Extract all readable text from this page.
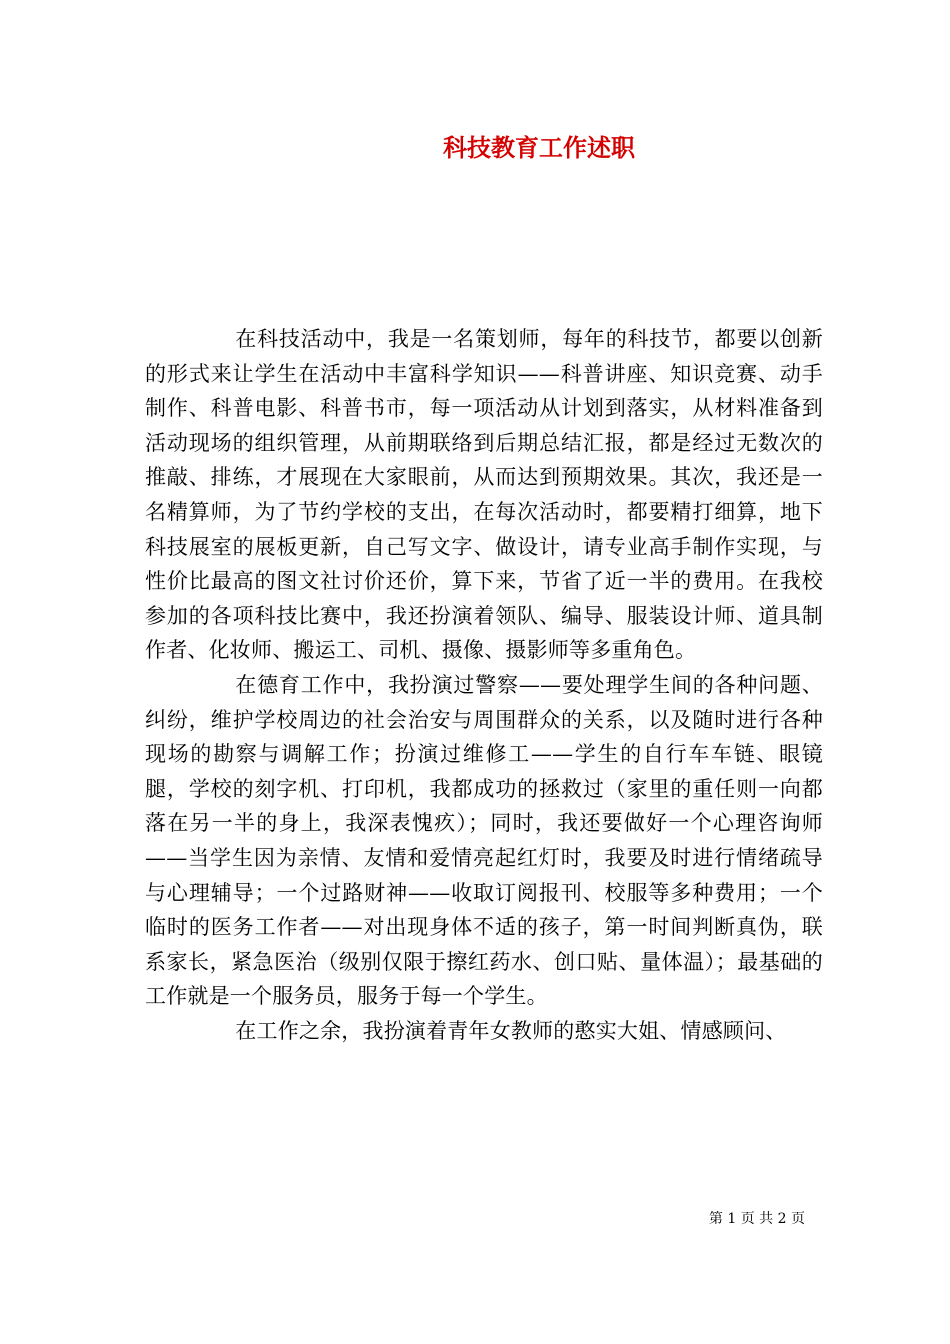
科技教育工作述职

在科技活动中，我是一名策划师，每年的科技节，都要以创新的形式来让学生在活动中丰富科学知识——科普讲座、知识竞赛、动手制作、科普电影、科普书市，每一项活动从计划到落实，从材料准备到活动现场的组织管理，从前期联络到后期总结汇报，都是经过无数次的推敲、排练，才展现在大家眼前，从而达到预期效果。其次，我还是一名精算师，为了节约学校的支出，在每次活动时，都要精打细算，地下科技展室的展板更新，自己写文字、做设计，请专业高手制作实现，与性价比最高的图文社讨价还价，算下来，节省了近一半的费用。在我校参加的各项科技比赛中，我还扮演着领队、编导、服装设计师、道具制作者、化妆师、搬运工、司机、摄像、摄影师等多重角色。

在德育工作中，我扮演过警察——要处理学生间的各种问题、纠纷，维护学校周边的社会治安与周围群众的关系，以及随时进行各种现场的勘察与调解工作；扮演过维修工——学生的自行车车链、眼镜腿，学校的刻字机、打印机，我都成功的拯救过（家里的重任则一向都落在另一半的身上，我深表愧疚）；同时，我还要做好一个心理咨询师——当学生因为亲情、友情和爱情亮起红灯时，我要及时进行情绪疏导与心理辅导；一个过路财神——收取订阅报刊、校服等多种费用；一个临时的医务工作者——对出现身体不适的孩子，第一时间判断真伪，联系家长，紧急医治（级别仅限于擦红药水、创口贴、量体温）；最基础的工作就是一个服务员，服务于每一个学生。

在工作之余，我扮演着青年女教师的憨实大姐、情感顾问、

第 1 页 共 2 页
